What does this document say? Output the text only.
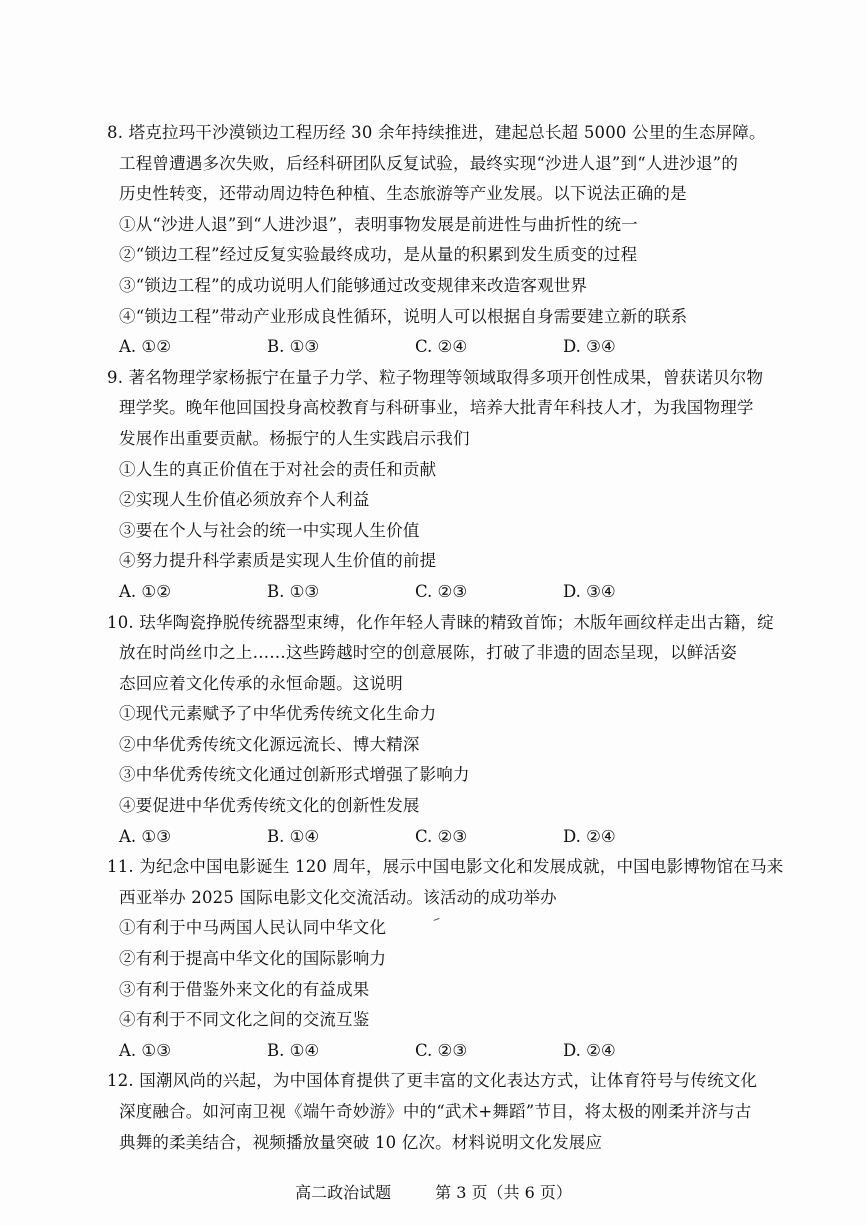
8. 塔克拉玛干沙漠锁边工程历经 30 余年持续推进，建起总长超 5000 公里的生态屏障。
工程曾遭遇多次失败，后经科研团队反复试验，最终实现“沙进人退”到“人进沙退”的
历史性转变，还带动周边特色种植、生态旅游等产业发展。以下说法正确的是
①从“沙进人退”到“人进沙退”，表明事物发展是前进性与曲折性的统一
②“锁边工程”经过反复实验最终成功，是从量的积累到发生质变的过程
③“锁边工程”的成功说明人们能够通过改变规律来改造客观世界
④“锁边工程”带动产业形成良性循环，说明人可以根据自身需要建立新的联系
A. ①②	B. ①③	C. ②④	D. ③④
9. 著名物理学家杨振宁在量子力学、粒子物理等领域取得多项开创性成果，曾获诺贝尔物
理学奖。晚年他回国投身高校教育与科研事业，培养大批青年科技人才，为我国物理学
发展作出重要贡献。杨振宁的人生实践启示我们
①人生的真正价值在于对社会的责任和贡献
②实现人生价值必须放弃个人利益
③要在个人与社会的统一中实现人生价值
④努力提升科学素质是实现人生价值的前提
A. ①②	B. ①③	C. ②③	D. ③④
10. 珐华陶瓷挣脱传统器型束缚，化作年轻人青睐的精致首饰；木版年画纹样走出古籍，绽
放在时尚丝巾之上……这些跨越时空的创意展陈，打破了非遗的固态呈现，以鲜活姿
态回应着文化传承的永恒命题。这说明
①现代元素赋予了中华优秀传统文化生命力
②中华优秀传统文化源远流长、博大精深
③中华优秀传统文化通过创新形式增强了影响力
④要促进中华优秀传统文化的创新性发展
A. ①③	B. ①④	C. ②③	D. ②④
11. 为纪念中国电影诞生 120 周年，展示中国电影文化和发展成就，中国电影博物馆在马来
西亚举办 2025 国际电影文化交流活动。该活动的成功举办
①有利于中马两国人民认同中华文化
②有利于提高中华文化的国际影响力
③有利于借鉴外来文化的有益成果
④有利于不同文化之间的交流互鉴
A. ①③	B. ①④	C. ②③	D. ②④
12. 国潮风尚的兴起，为中国体育提供了更丰富的文化表达方式，让体育符号与传统文化
深度融合。如河南卫视《端午奇妙游》中的“武术+舞蹈”节目，将太极的刚柔并济与古
典舞的柔美结合，视频播放量突破 10 亿次。材料说明文化发展应
高二政治试题	第 3 页（共 6 页）
